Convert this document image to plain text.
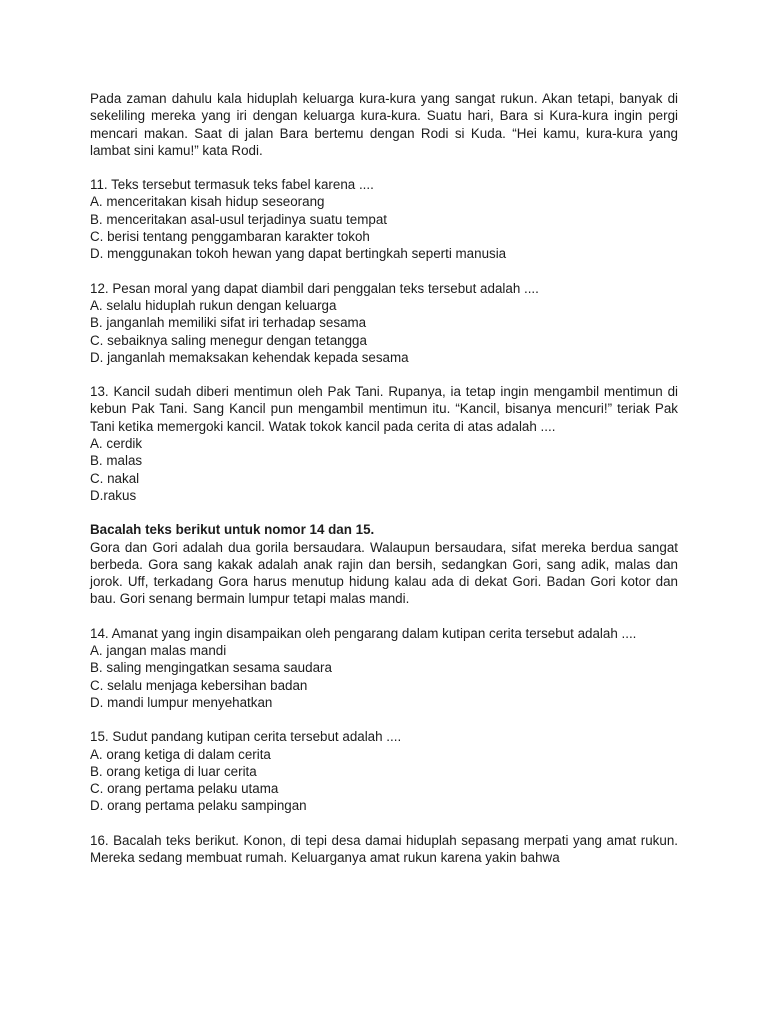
Pada zaman dahulu kala hiduplah keluarga kura-kura yang sangat rukun. Akan tetapi, banyak di sekeliling mereka yang iri dengan keluarga kura-kura. Suatu hari, Bara si Kura-kura ingin pergi mencari makan. Saat di jalan Bara bertemu dengan Rodi si Kuda. “Hei kamu, kura-kura yang lambat sini kamu!” kata Rodi.

11. Teks tersebut termasuk teks fabel karena ....

A. menceritakan kisah hidup seseorang
B. menceritakan asal-usul terjadinya suatu tempat
C. berisi tentang penggambaran karakter tokoh
D. menggunakan tokoh hewan yang dapat bertingkah seperti manusia

12. Pesan moral yang dapat diambil dari penggalan teks tersebut adalah ....

A. selalu hiduplah rukun dengan keluarga
B. janganlah memiliki sifat iri terhadap sesama
C. sebaiknya saling menegur dengan tetangga
D. janganlah memaksakan kehendak kepada sesama

13. Kancil sudah diberi mentimun oleh Pak Tani. Rupanya, ia tetap ingin mengambil mentimun di kebun Pak Tani. Sang Kancil pun mengambil mentimun itu. “Kancil, bisanya mencuri!” teriak Pak Tani ketika memergoki kancil. Watak tokok kancil pada cerita di atas adalah ....

A. cerdik
B. malas
C. nakal
D.rakus

Bacalah teks berikut untuk nomor 14 dan 15.

Gora dan Gori adalah dua gorila bersaudara. Walaupun bersaudara, sifat mereka berdua sangat berbeda. Gora sang kakak adalah anak rajin dan bersih, sedangkan Gori, sang adik, malas dan jorok. Uff, terkadang Gora harus menutup hidung kalau ada di dekat Gori. Badan Gori kotor dan bau. Gori senang bermain lumpur tetapi malas mandi.

14. Amanat yang ingin disampaikan oleh pengarang dalam kutipan cerita tersebut adalah ....

A. jangan malas mandi
B. saling mengingatkan sesama saudara
C. selalu menjaga kebersihan badan
D. mandi lumpur menyehatkan

15. Sudut pandang kutipan cerita tersebut adalah ....

A. orang ketiga di dalam cerita
B. orang ketiga di luar cerita
C. orang pertama pelaku utama
D. orang pertama pelaku sampingan

16. Bacalah teks berikut. Konon, di tepi desa damai hiduplah sepasang merpati yang amat rukun. Mereka sedang membuat rumah. Keluarganya amat rukun karena yakin bahwa
